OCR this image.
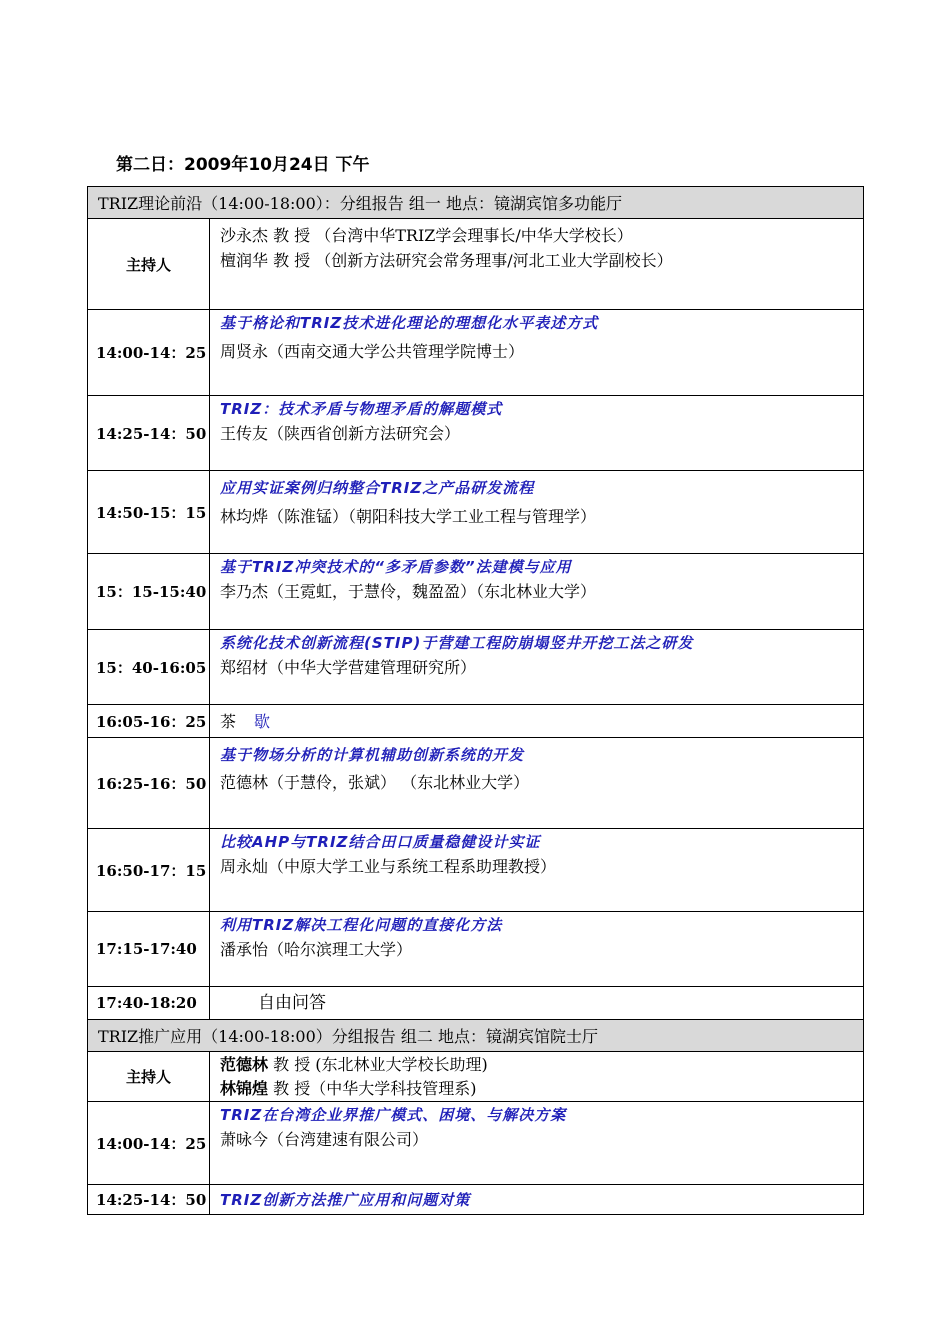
第二日：2009年10月24日 下午
TRIZ理论前沿（14:00-18:00）：分组报告 组一 地点：镜湖宾馆多功能厅	
主持人	沙永杰 教 授 （台湾中华TRIZ学会理事长/中华大学校长）
檀润华 教 授 （创新方法研究会常务理事/河北工业大学副校长）

14:00-14：25	基于格论和TRIZ技术进化理论的理想化水平表述方式
周贤永（西南交通大学公共管理学院博士）

14:25-14：50	TRIZ：技术矛盾与物理矛盾的解题模式
王传友（陕西省创新方法研究会）

14:50-15：15	应用实证案例归纳整合TRIZ之产品研发流程
林均烨（陈淮锰）（朝阳科技大学工业工程与管理学）

15：15-15:40	基于TRIZ冲突技术的“多矛盾参数”法建模与应用
李乃杰（王霓虹，于慧伶，魏盈盈）（东北林业大学）

15：40-16:05	系统化技术创新流程(STIP)于营建工程防崩塌竖井开挖工法之研发
郑绍材（中华大学营建管理研究所）

16:05-16：25	茶 歇
16:25-16：50	基于物场分析的计算机辅助创新系统的开发
范德林（于慧伶，张斌） （东北林业大学）

16:50-17：15	比较AHP与TRIZ结合田口质量稳健设计实证
周永灿（中原大学工业与系统工程系助理教授）

17:15-17:40	利用TRIZ解决工程化问题的直接化方法
潘承怡（哈尔滨理工大学）

17:40-18:20	自由问答
TRIZ推广应用（14:00-18:00）分组报告 组二 地点：镜湖宾馆院士厅	
主持人	范德林 教 授 (东北林业大学校长助理)
林锦煌 教 授（中华大学科技管理系)

14:00-14：25	TRIZ在台湾企业界推广模式、困境、与解决方案
萧咏今（台湾建速有限公司）

14:25-14：50	TRIZ创新方法推广应用和问题对策
